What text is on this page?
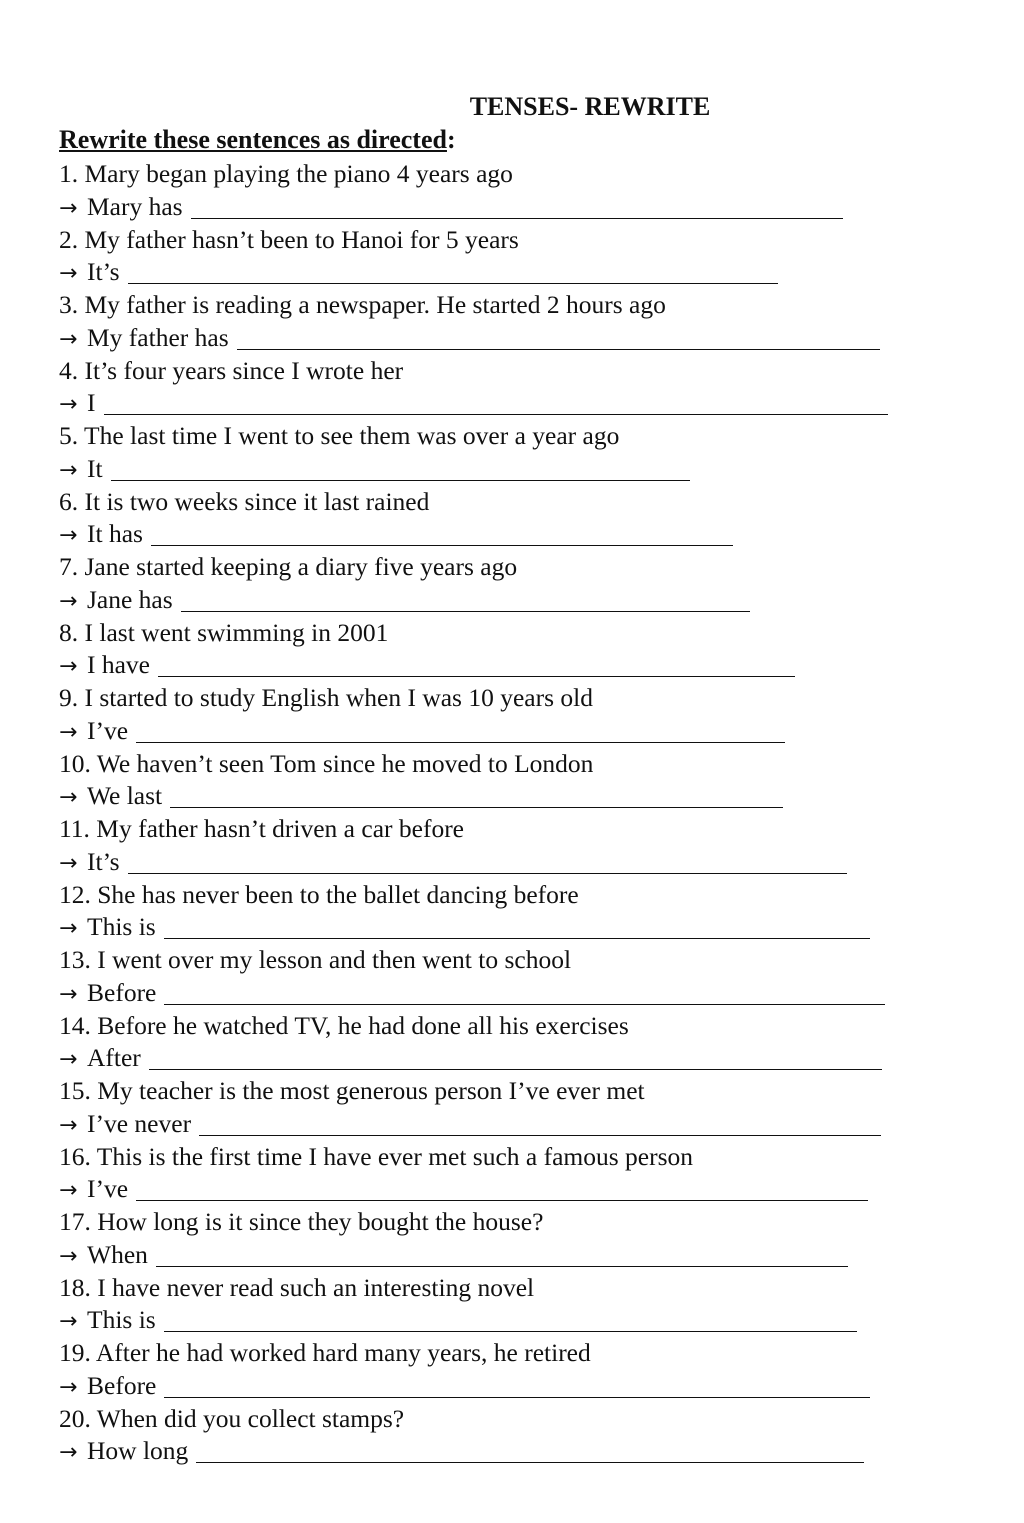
TENSES- REWRITE
Rewrite these sentences as directed:
1. Mary began playing the piano 4 years ago
→ Mary has
2. My father hasn’t been to Hanoi for 5 years
→ It’s
3. My father is reading a newspaper. He started 2 hours ago
→ My father has
4. It’s four years since I wrote her
→ I
5. The last time I went to see them was over a year ago
→ It
6. It is two weeks since it last rained
→ It has
7. Jane started keeping a diary five years ago
→ Jane has
8. I last went swimming in 2001
→ I have
9. I started to study English when I was 10 years old
→ I’ve
10. We haven’t seen Tom since he moved to London
→ We last
11. My father hasn’t driven a car before
→ It’s
12. She has never been to the ballet dancing before
→ This is
13. I went over my lesson and then went to school
→ Before
14. Before he watched TV, he had done all his exercises
→ After
15. My teacher is the most generous person I’ve ever met
→ I’ve never
16. This is the first time I have ever met such a famous person
→ I’ve
17. How long is it since they bought the house?
→ When
18. I have never read such an interesting novel
→ This is
19. After he had worked hard many years, he retired
→ Before
20. When did you collect stamps?
→ How long
